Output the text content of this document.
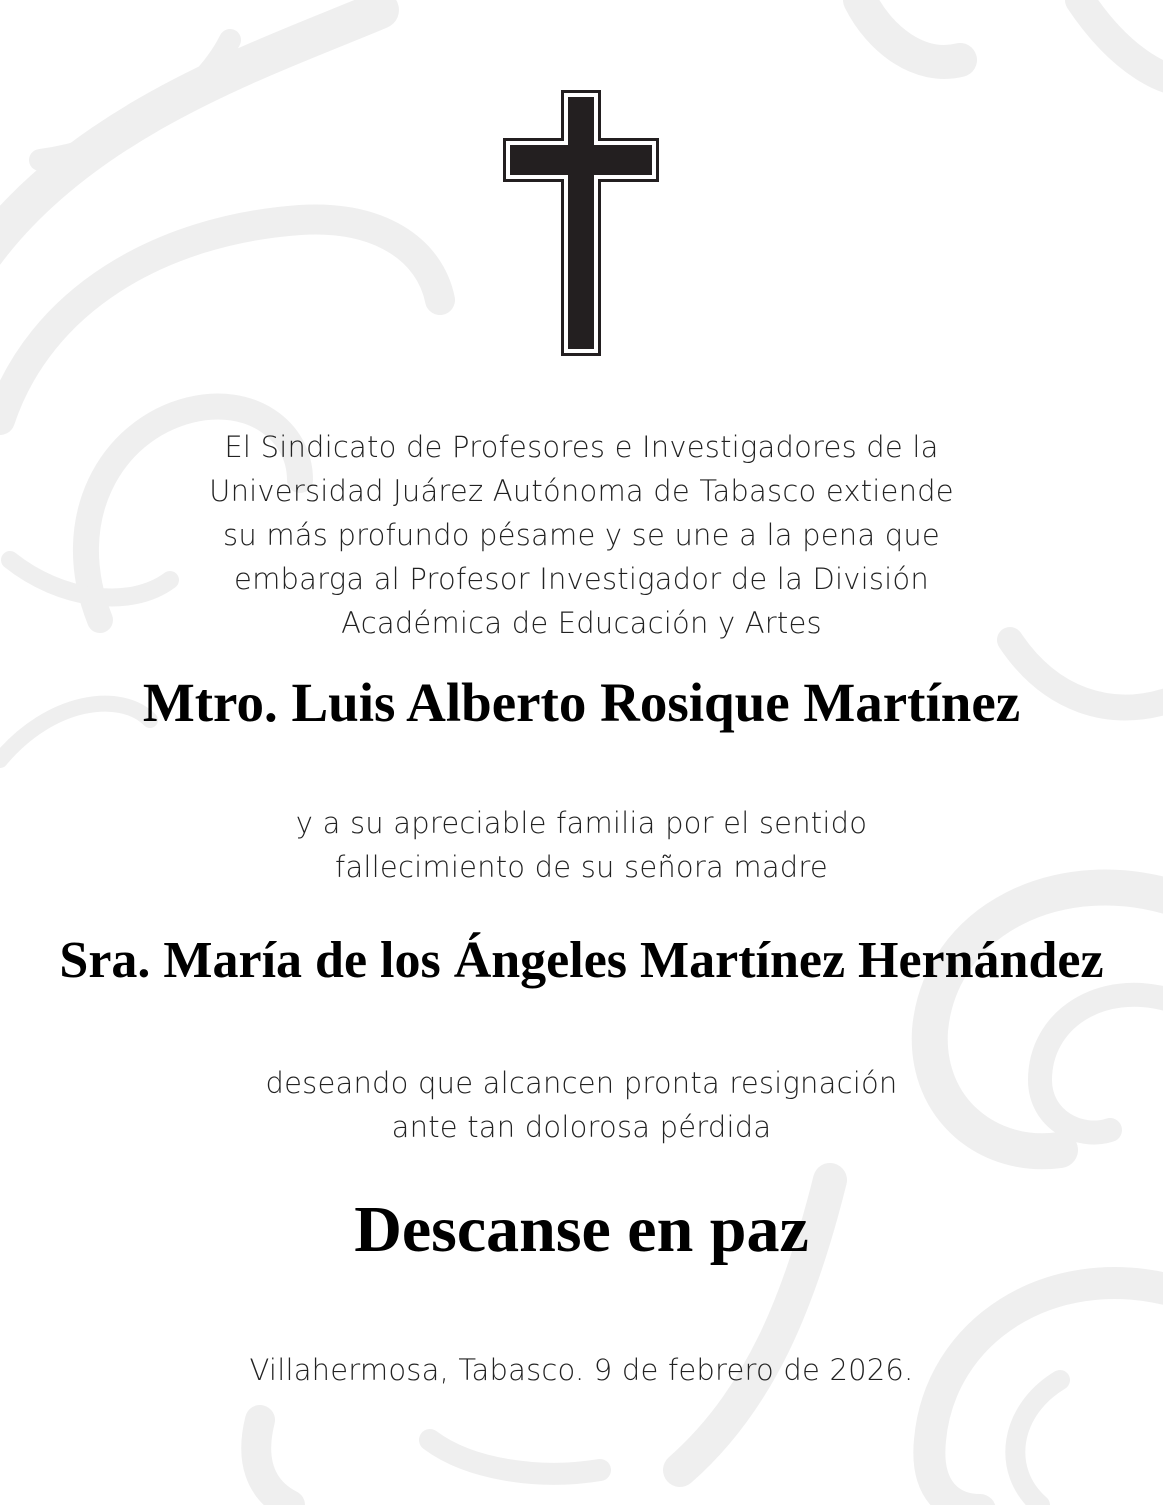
El Sindicato de Profesores e Investigadores de la
Universidad Juárez Autónoma de Tabasco extiende
su más profundo pésame y se une a la pena que
embarga al Profesor Investigador de la División
Académica de Educación y Artes
Mtro. Luis Alberto Rosique Martínez
y a su apreciable familia por el sentido
fallecimiento de su señora madre
Sra. María de los Ángeles Martínez Hernández
deseando que alcancen pronta resignación
ante tan dolorosa pérdida
Descanse en paz
Villahermosa, Tabasco. 9 de febrero de 2026.
